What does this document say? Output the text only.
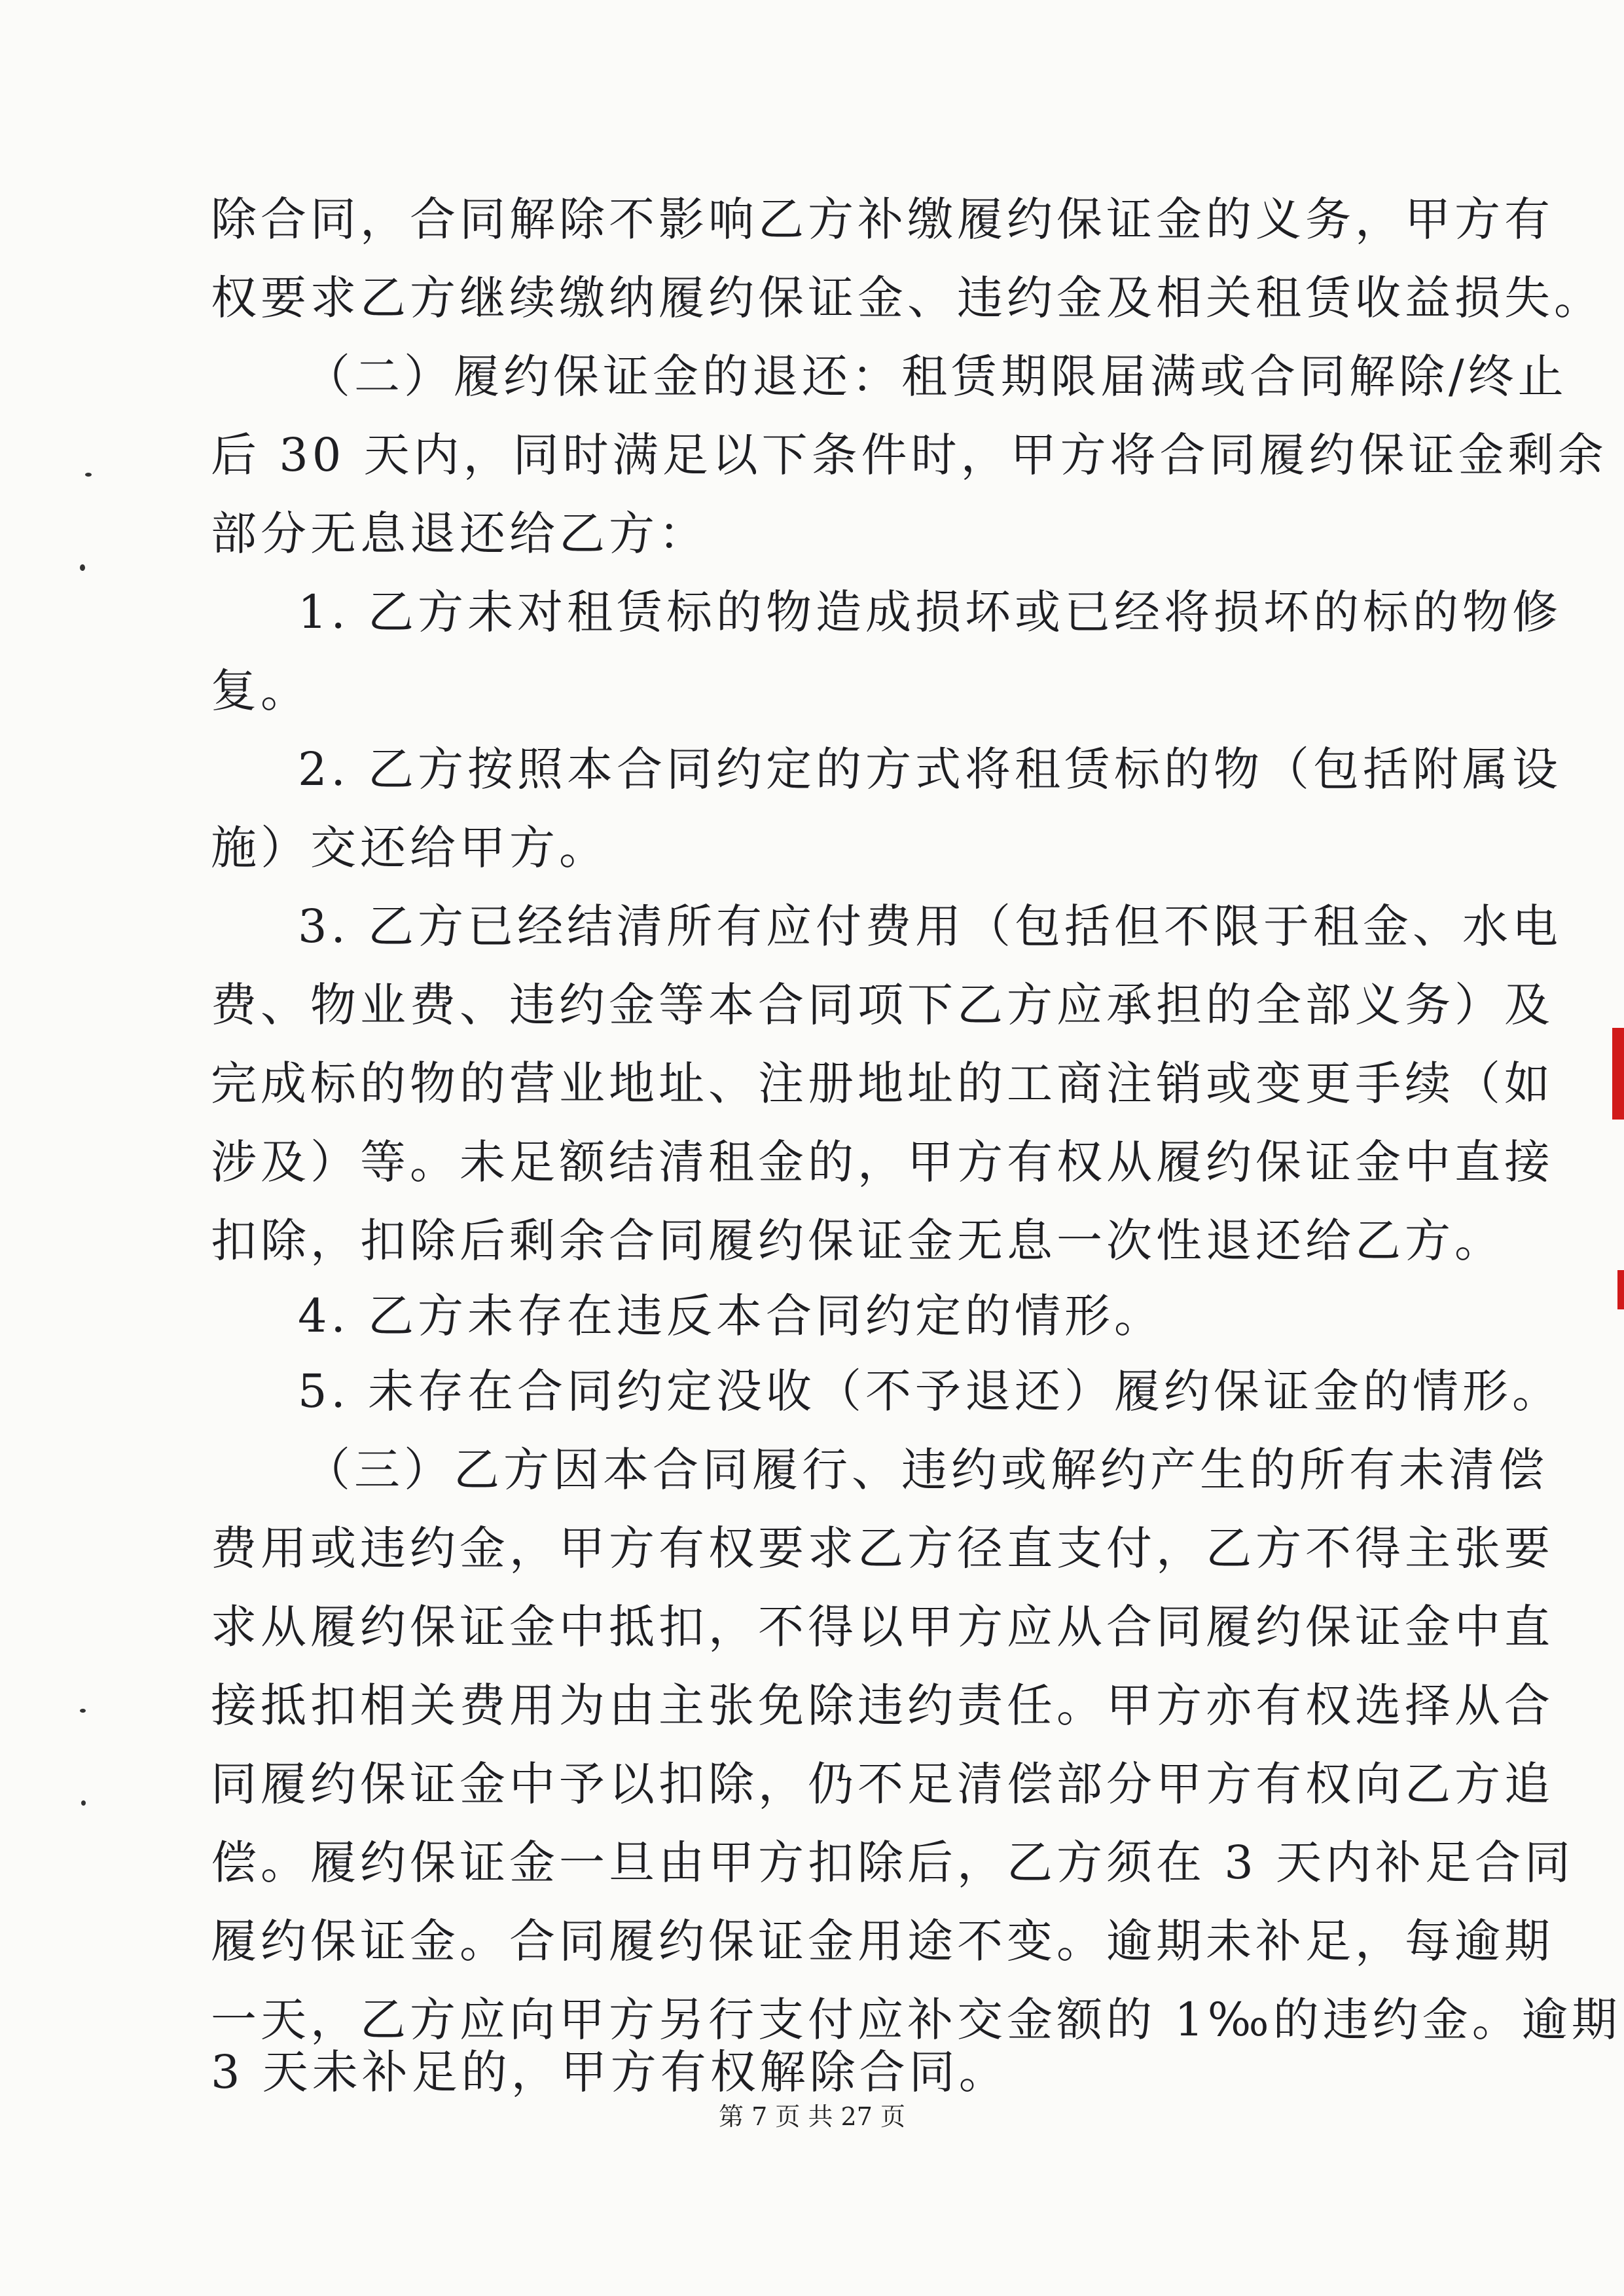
除合同，合同解除不影响乙方补缴履约保证金的义务，甲方有
权要求乙方继续缴纳履约保证金、违约金及相关租赁收益损失。
（二）履约保证金的退还：租赁期限届满或合同解除/终止
后 30 天内，同时满足以下条件时，甲方将合同履约保证金剩余
部分无息退还给乙方：
1. 乙方未对租赁标的物造成损坏或已经将损坏的标的物修
复。
2. 乙方按照本合同约定的方式将租赁标的物（包括附属设
施）交还给甲方。
3. 乙方已经结清所有应付费用（包括但不限于租金、水电
费、物业费、违约金等本合同项下乙方应承担的全部义务）及
完成标的物的营业地址、注册地址的工商注销或变更手续（如
涉及）等。未足额结清租金的，甲方有权从履约保证金中直接
扣除，扣除后剩余合同履约保证金无息一次性退还给乙方。
4. 乙方未存在违反本合同约定的情形。
5. 未存在合同约定没收（不予退还）履约保证金的情形。
（三）乙方因本合同履行、违约或解约产生的所有未清偿
费用或违约金，甲方有权要求乙方径直支付，乙方不得主张要
求从履约保证金中抵扣，不得以甲方应从合同履约保证金中直
接抵扣相关费用为由主张免除违约责任。甲方亦有权选择从合
同履约保证金中予以扣除，仍不足清偿部分甲方有权向乙方追
偿。履约保证金一旦由甲方扣除后，乙方须在 3 天内补足合同
履约保证金。合同履约保证金用途不变。逾期未补足，每逾期
一天，乙方应向甲方另行支付应补交金额的 1‰的违约金。逾期
3 天未补足的，甲方有权解除合同。
第 7 页 共 27 页
